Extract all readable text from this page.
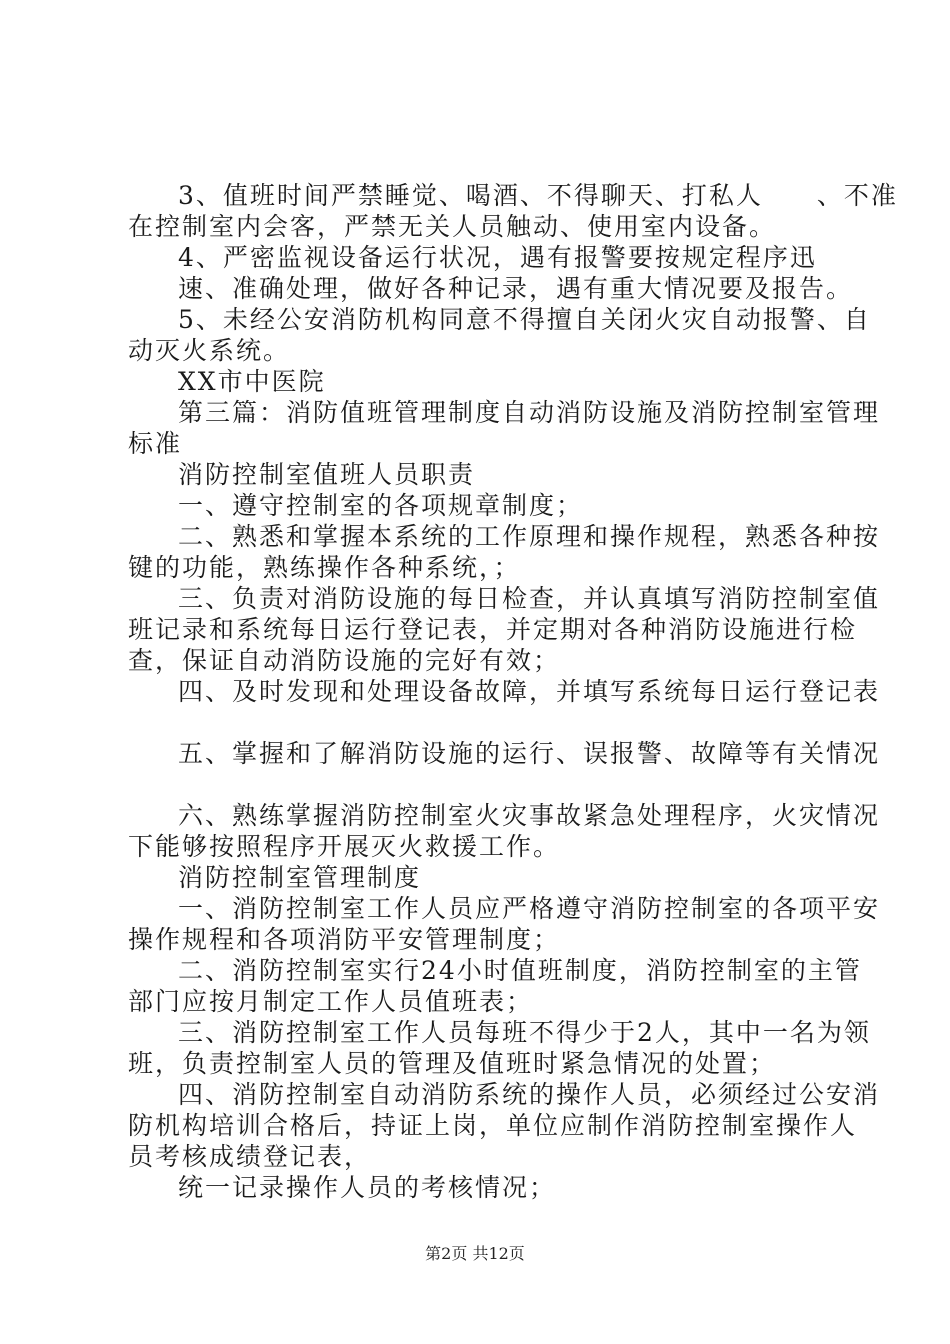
3、值班时间严禁睡觉、喝酒、不得聊天、打私人　　、不准
在控制室内会客，严禁无关人员触动、使用室内设备。
4、严密监视设备运行状况，遇有报警要按规定程序迅
速、准确处理，做好各种记录，遇有重大情况要及报告。
5、未经公安消防机构同意不得擅自关闭火灾自动报警、自
动灭火系统。
XX市中医院
第三篇：消防值班管理制度自动消防设施及消防控制室管理
标准
消防控制室值班人员职责
一、遵守控制室的各项规章制度；
二、熟悉和掌握本系统的工作原理和操作规程，熟悉各种按
键的功能，熟练操作各种系统，；
三、负责对消防设施的每日检查，并认真填写消防控制室值
班记录和系统每日运行登记表，并定期对各种消防设施进行检
查，保证自动消防设施的完好有效；
四、及时发现和处理设备故障，并填写系统每日运行登记表
五、掌握和了解消防设施的运行、误报警、故障等有关情况
六、熟练掌握消防控制室火灾事故紧急处理程序，火灾情况
下能够按照程序开展灭火救援工作。
消防控制室管理制度
一、消防控制室工作人员应严格遵守消防控制室的各项平安
操作规程和各项消防平安管理制度；
二、消防控制室实行24小时值班制度，消防控制室的主管
部门应按月制定工作人员值班表；
三、消防控制室工作人员每班不得少于2人，其中一名为领
班，负责控制室人员的管理及值班时紧急情况的处置；
四、消防控制室自动消防系统的操作人员，必须经过公安消
防机构培训合格后，持证上岗，单位应制作消防控制室操作人
员考核成绩登记表，
统一记录操作人员的考核情况；
第2页 共12页
